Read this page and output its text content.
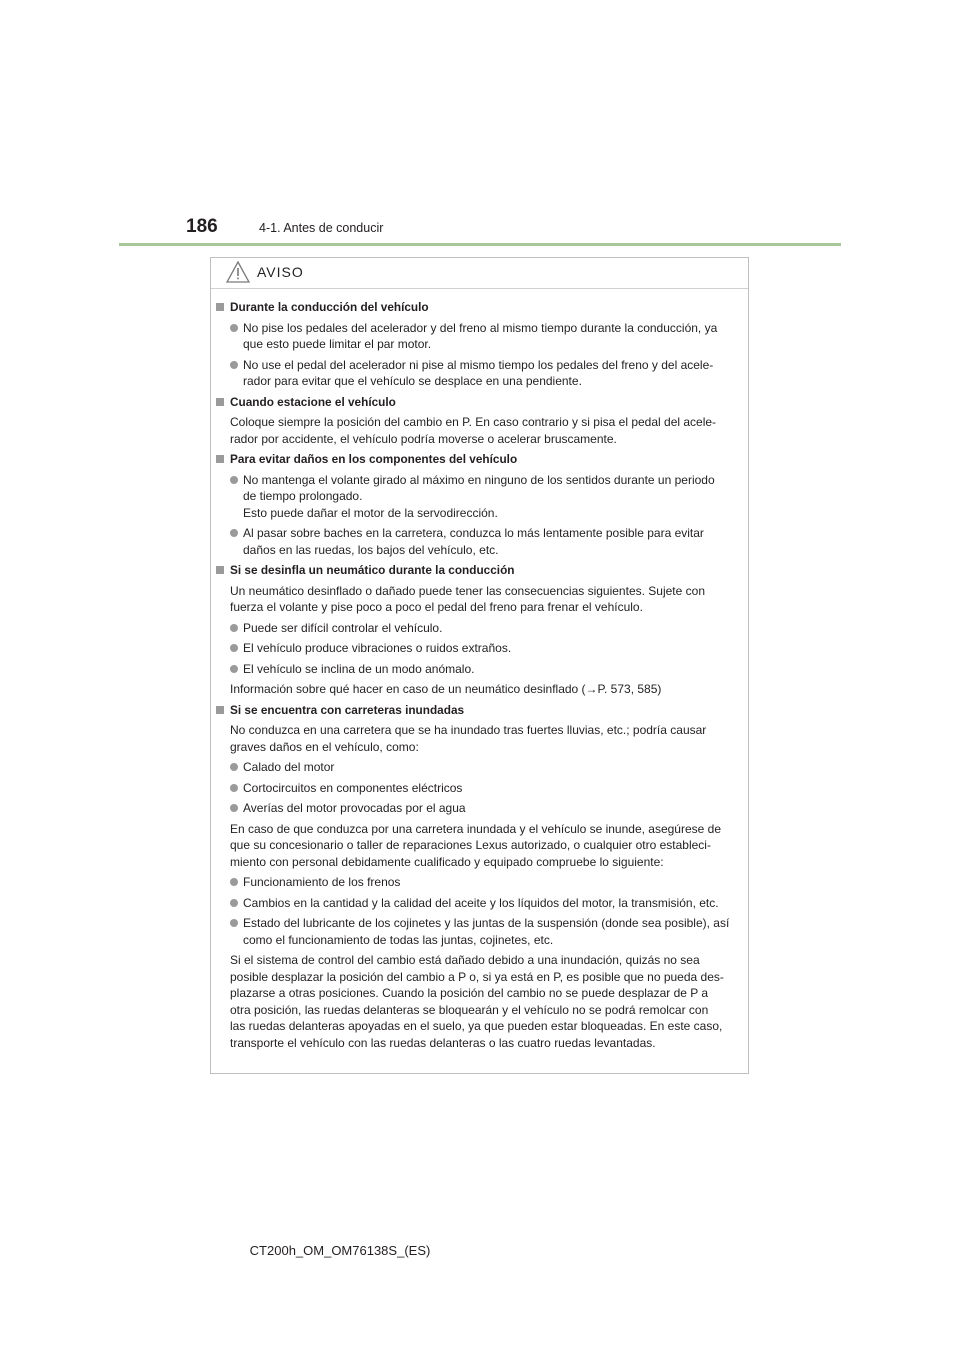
186	4-1. Antes de conducir
AVISO
Durante la conducción del vehículo
No pise los pedales del acelerador y del freno al mismo tiempo durante la conducción, ya
que esto puede limitar el par motor.
No use el pedal del acelerador ni pise al mismo tiempo los pedales del freno y del acele-
rador para evitar que el vehículo se desplace en una pendiente.
Cuando estacione el vehículo
Coloque siempre la posición del cambio en P. En caso contrario y si pisa el pedal del acele-
rador por accidente, el vehículo podría moverse o acelerar bruscamente.
Para evitar daños en los componentes del vehículo
No mantenga el volante girado al máximo en ninguno de los sentidos durante un periodo
de tiempo prolongado.
Esto puede dañar el motor de la servodirección.
Al pasar sobre baches en la carretera, conduzca lo más lentamente posible para evitar
daños en las ruedas, los bajos del vehículo, etc.
Si se desinfla un neumático durante la conducción
Un neumático desinflado o dañado puede tener las consecuencias siguientes. Sujete con
fuerza el volante y pise poco a poco el pedal del freno para frenar el vehículo.
Puede ser difícil controlar el vehículo.
El vehículo produce vibraciones o ruidos extraños.
El vehículo se inclina de un modo anómalo.
Información sobre qué hacer en caso de un neumático desinflado (→P. 573, 585)
Si se encuentra con carreteras inundadas
No conduzca en una carretera que se ha inundado tras fuertes lluvias, etc.; podría causar
graves daños en el vehículo, como:
Calado del motor
Cortocircuitos en componentes eléctricos
Averías del motor provocadas por el agua
En caso de que conduzca por una carretera inundada y el vehículo se inunde, asegúrese de
que su concesionario o taller de reparaciones Lexus autorizado, o cualquier otro estableci-
miento con personal debidamente cualificado y equipado compruebe lo siguiente:
Funcionamiento de los frenos
Cambios en la cantidad y la calidad del aceite y los líquidos del motor, la transmisión, etc.
Estado del lubricante de los cojinetes y las juntas de la suspensión (donde sea posible), así
como el funcionamiento de todas las juntas, cojinetes, etc.
Si el sistema de control del cambio está dañado debido a una inundación, quizás no sea
posible desplazar la posición del cambio a P o, si ya está en P, es posible que no pueda des-
plazarse a otras posiciones. Cuando la posición del cambio no se puede desplazar de P a
otra posición, las ruedas delanteras se bloquearán y el vehículo no se podrá remolcar con
las ruedas delanteras apoyadas en el suelo, ya que pueden estar bloqueadas. En este caso,
transporte el vehículo con las ruedas delanteras o las cuatro ruedas levantadas.
CT200h_OM_OM76138S_(ES)
